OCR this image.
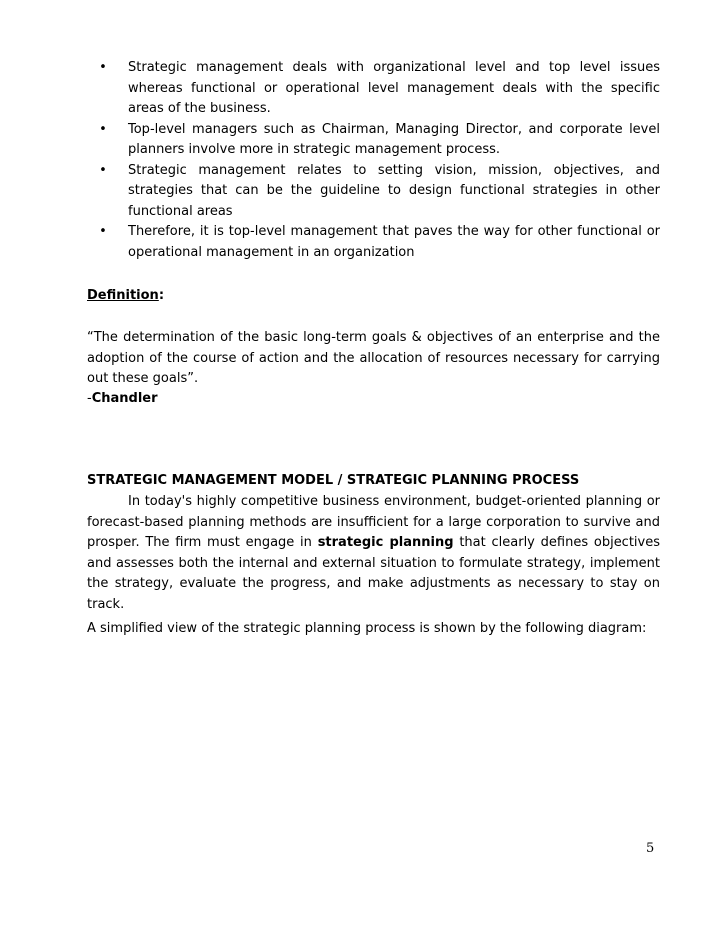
• Strategic management deals with organizational level and top level issues whereas functional or operational level management deals with the specific areas of the business.
• Top-level managers such as Chairman, Managing Director, and corporate level planners involve more in strategic management process.
• Strategic management relates to setting vision, mission, objectives, and strategies that can be the guideline to design functional strategies in other functional areas
• Therefore, it is top-level management that paves the way for other functional or operational management in an organization
Definition:
“The determination of the basic long-term goals & objectives of an enterprise and the adoption of the course of action and the allocation of resources necessary for carrying out these goals”.
-Chandler
STRATEGIC MANAGEMENT MODEL / STRATEGIC PLANNING PROCESS
In today's highly competitive business environment, budget-oriented planning or forecast-based planning methods are insufficient for a large corporation to survive and prosper. The firm must engage in strategic planning that clearly defines objectives and assesses both the internal and external situation to formulate strategy, implement the strategy, evaluate the progress, and make adjustments as necessary to stay on track.
A simplified view of the strategic planning process is shown by the following diagram:
5
